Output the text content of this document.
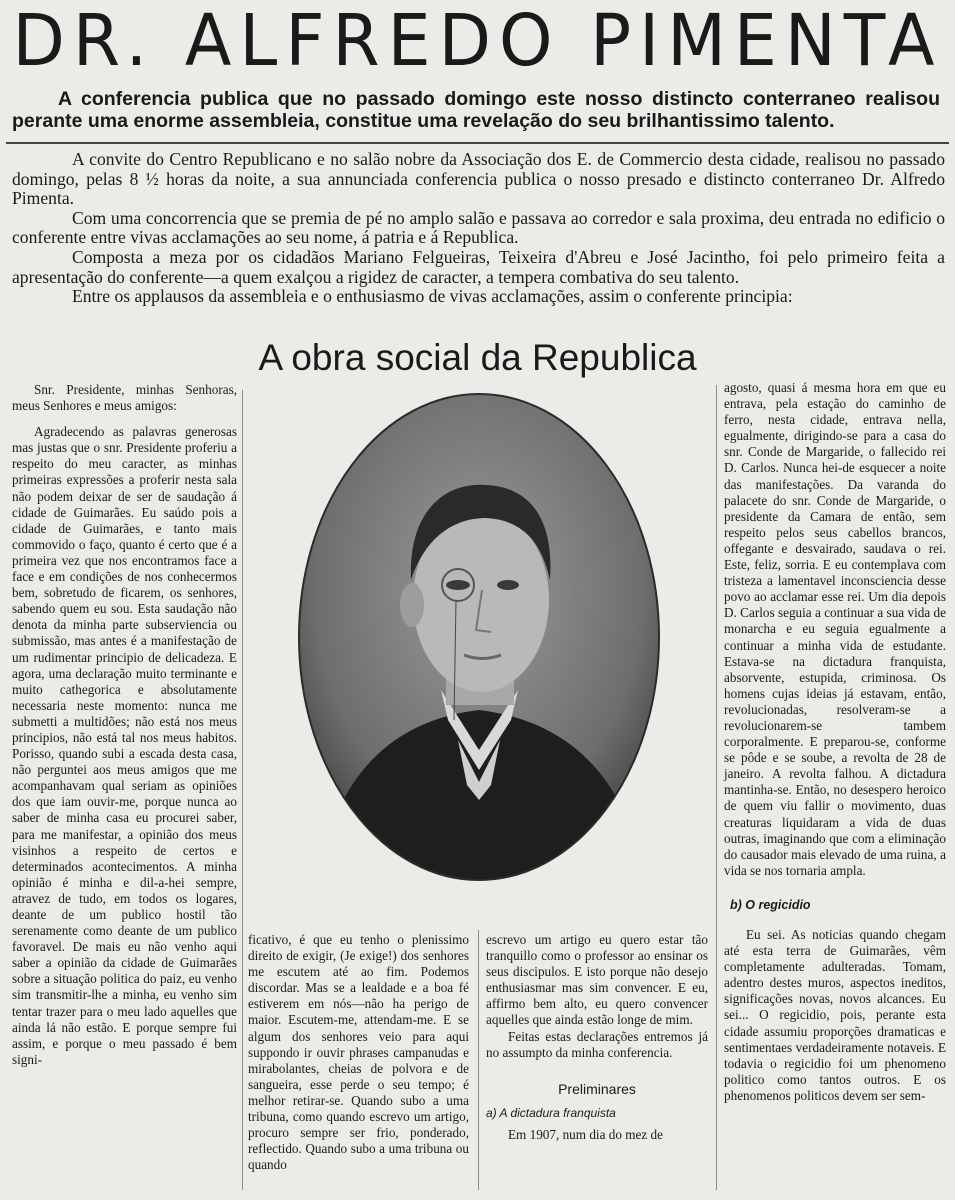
DR. ALFREDO PIMENTA
A conferencia publica que no passado domingo este nosso distincto conterraneo realisou perante uma enorme assembleia, constitue uma revelação do seu brilhantissimo talento.

A convite do Centro Republicano e no salão nobre da Associação dos E. de Commercio desta cidade, realisou no passado domingo, pelas 8 ½ horas da noite, a sua annunciada conferencia publica o nosso presado e distincto conterraneo Dr. Alfredo Pimenta.

Com uma concorrencia que se premia de pé no amplo salão e passava ao corredor e sala proxima, deu entrada no edificio o conferente entre vivas acclamações ao seu nome, á patria e á Republica.

Composta a meza por os cidadãos Mariano Felgueiras, Teixeira d'Abreu e José Jacintho, foi pelo primeiro feita a apresentação do conferente—a quem exalçou a rigidez de caracter, a tempera combativa do seu talento.

Entre os applausos da assembleia e o enthusiasmo de vivas acclamações, assim o conferente principia:

A obra social da Republica

Snr. Presidente, minhas Senhoras, meus Senhores e meus amigos:

Agradecendo as palavras generosas mas justas que o snr. Presidente proferiu a respeito do meu caracter, as minhas primeiras expressões a proferir nesta sala não podem deixar de ser de saudação á cidade de Guimarães. Eu saúdo pois a cidade de Guimarães, e tanto mais commovido o faço, quanto é certo que é a primeira vez que nos encontramos face a face e em condições de nos conhecermos bem, sobretudo de ficarem, os senhores, sabendo quem eu sou. Esta saudação não denota da minha parte subserviencia ou submissão, mas antes é a manifestação de um rudimentar principio de delicadeza. E agora, uma declaração muito terminante e muito cathegorica e absolutamente necessaria neste momento: nunca me submetti a multidões; não está nos meus principios, não está tal nos meus habitos. Porisso, quando subi a escada desta casa, não perguntei aos meus amigos que me acompanhavam qual seriam as opiniões dos que iam ouvir-me, porque nunca ao saber de minha casa eu procurei saber, para me manifestar, a opinião dos meus visinhos a respeito de certos e determinados acontecimentos. A minha opinião é minha e dil-a-hei sempre, atravez de tudo, em todos os logares, deante de um publico hostil tão serenamente como deante de um publico favoravel. De mais eu não venho aqui saber a opinião da cidade de Guimarães sobre a situação politica do paiz, eu venho sim transmitir-lhe a minha, eu venho sim tentar trazer para o meu lado aquelles que ainda lá não estão. E porque sempre fui assim, e porque o meu passado é bem signi-

ficativo, é que eu tenho o plenissimo direito de exigir, (Je exige!) dos senhores me escutem até ao fim. Podemos discordar. Mas se a lealdade e a boa fé estiverem em nós—não ha perigo de maior. Escutem-me, attendam-me. E se algum dos senhores veio para aqui suppondo ir ouvir phrases campanudas e mirabolantes, cheias de polvora e de sangueira, esse perde o seu tempo; é melhor retirar-se. Quando subo a uma tribuna, como quando escrevo um artigo, procuro sempre ser frio, ponderado, reflectido. Quando subo a uma tribuna ou quando

escrevo um artigo eu quero estar tão tranquillo como o professor ao ensinar os seus discipulos. E isto porque não desejo enthusiasmar mas sim convencer. E eu, affirmo bem alto, eu quero convencer aquelles que ainda estão longe de mim.

Feitas estas declarações entremos já no assumpto da minha conferencia.

Preliminares
a) A dictadura franquista

Em 1907, num dia do mez de

agosto, quasi á mesma hora em que eu entrava, pela estação do caminho de ferro, nesta cidade, entrava nella, egualmente, dirigindo-se para a casa do snr. Conde de Margaride, o fallecido rei D. Carlos. Nunca hei-de esquecer a noite das manifestações. Da varanda do palacete do snr. Conde de Margaride, o presidente da Camara de então, sem respeito pelos seus cabellos brancos, offegante e desvairado, saudava o rei. Este, feliz, sorria. E eu contemplava com tristeza a lamentavel inconsciencia desse povo ao acclamar esse rei. Um dia depois D. Carlos seguia a continuar a sua vida de monarcha e eu seguia egualmente a continuar a minha vida de estudante. Estava-se na dictadura franquista, absorvente, estupida, criminosa. Os homens cujas ideias já estavam, então, revolucionadas, resolveram-se a revolucionarem-se tambem corporalmente. E preparou-se, conforme se pôde e se soube, a revolta de 28 de janeiro. A revolta falhou. A dictadura mantinha-se. Então, no desespero heroico de quem viu fallir o movimento, duas creaturas liquidaram a vida de duas outras, imaginando que com a eliminação do causador mais elevado de uma ruina, a vida se nos tornaria ampla.

b) O regicidio

Eu sei. As noticias quando chegam até esta terra de Guimarães, vêm completamente adulteradas. Tomam, adentro destes muros, aspectos ineditos, significações novas, novos alcances. Eu sei... O regicidio, pois, perante esta cidade assumiu proporções dramaticas e sentimentaes verdadeiramente notaveis. E todavia o regicidio foi um phenomeno politico como tantos outros. E os phenomenos politicos devem ser sem-
